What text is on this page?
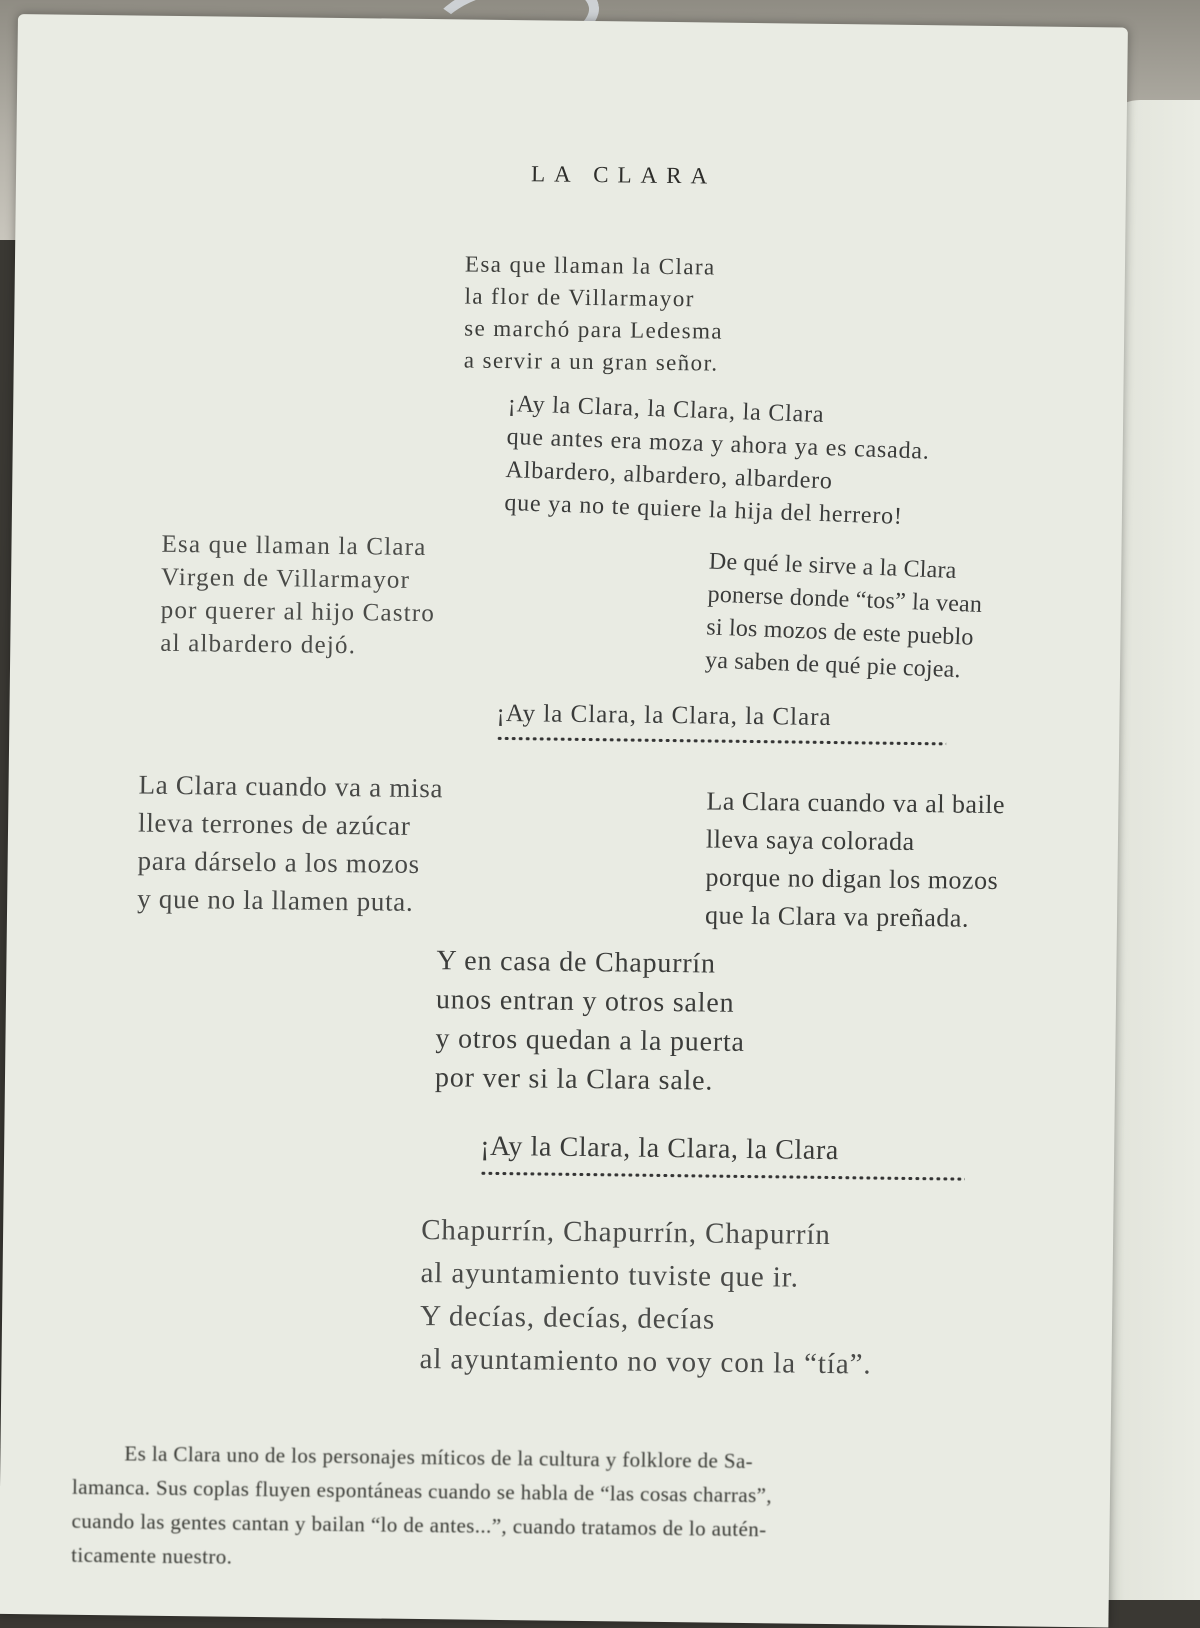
LA CLARA
Esa que llaman la Clara
la flor de Villarmayor
se marchó para Ledesma
a servir a un gran señor.
¡Ay la Clara, la Clara, la Clara
que antes era moza y ahora ya es casada.
Albardero, albardero, albardero
que ya no te quiere la hija del herrero!
Esa que llaman la Clara
Virgen de Villarmayor
por querer al hijo Castro
al albardero dejó.
De qué le sirve a la Clara
ponerse donde “tos” la vean
si los mozos de este pueblo
ya saben de qué pie cojea.
¡Ay la Clara, la Clara, la Clara
La Clara cuando va a misa
lleva terrones de azúcar
para dárselo a los mozos
y que no la llamen puta.
La Clara cuando va al baile
lleva saya colorada
porque no digan los mozos
que la Clara va preñada.
Y en casa de Chapurrín
unos entran y otros salen
y otros quedan a la puerta
por ver si la Clara sale.
¡Ay la Clara, la Clara, la Clara
Chapurrín, Chapurrín, Chapurrín
al ayuntamiento tuviste que ir.
Y decías, decías, decías
al ayuntamiento no voy con la “tía”.
Es la Clara uno de los personajes míticos de la cultura y folklore de Sa-
lamanca. Sus coplas fluyen espontáneas cuando se habla de “las cosas charras”,
cuando las gentes cantan y bailan “lo de antes...”, cuando tratamos de lo autén-
ticamente nuestro.
